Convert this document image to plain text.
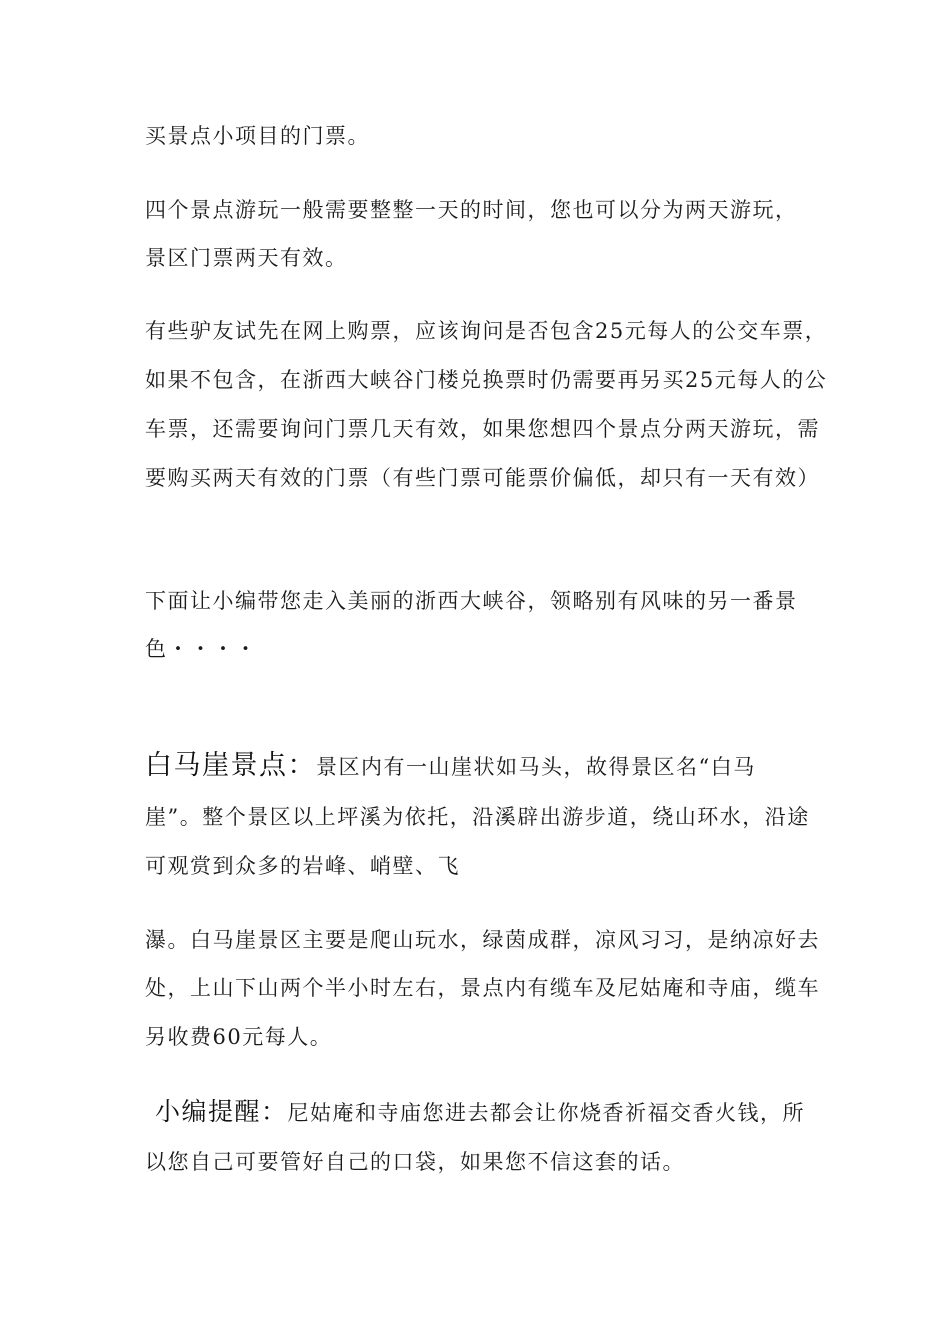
买景点小项目的门票。
四个景点游玩一般需要整整一天的时间，您也可以分为两天游玩，
景区门票两天有效。
有些驴友试先在网上购票，应该询问是否包含25元每人的公交车票，
如果不包含，在浙西大峡谷门楼兑换票时仍需要再另买25元每人的公
车票，还需要询问门票几天有效，如果您想四个景点分两天游玩，需
要购买两天有效的门票（有些门票可能票价偏低，却只有一天有效）
下面让小编带您走入美丽的浙西大峡谷，领略别有风味的另一番景
色・・・・
白马崖景点：景区内有一山崖状如马头，故得景区名“白马
崖”。整个景区以上坪溪为依托，沿溪辟出游步道，绕山环水，沿途
可观赏到众多的岩峰、峭壁、飞
瀑。白马崖景区主要是爬山玩水，绿茵成群，凉风习习，是纳凉好去
处，上山下山两个半小时左右，景点内有缆车及尼姑庵和寺庙，缆车
另收费60元每人。
小编提醒：尼姑庵和寺庙您进去都会让你烧香祈福交香火钱，所
以您自己可要管好自己的口袋，如果您不信这套的话。
